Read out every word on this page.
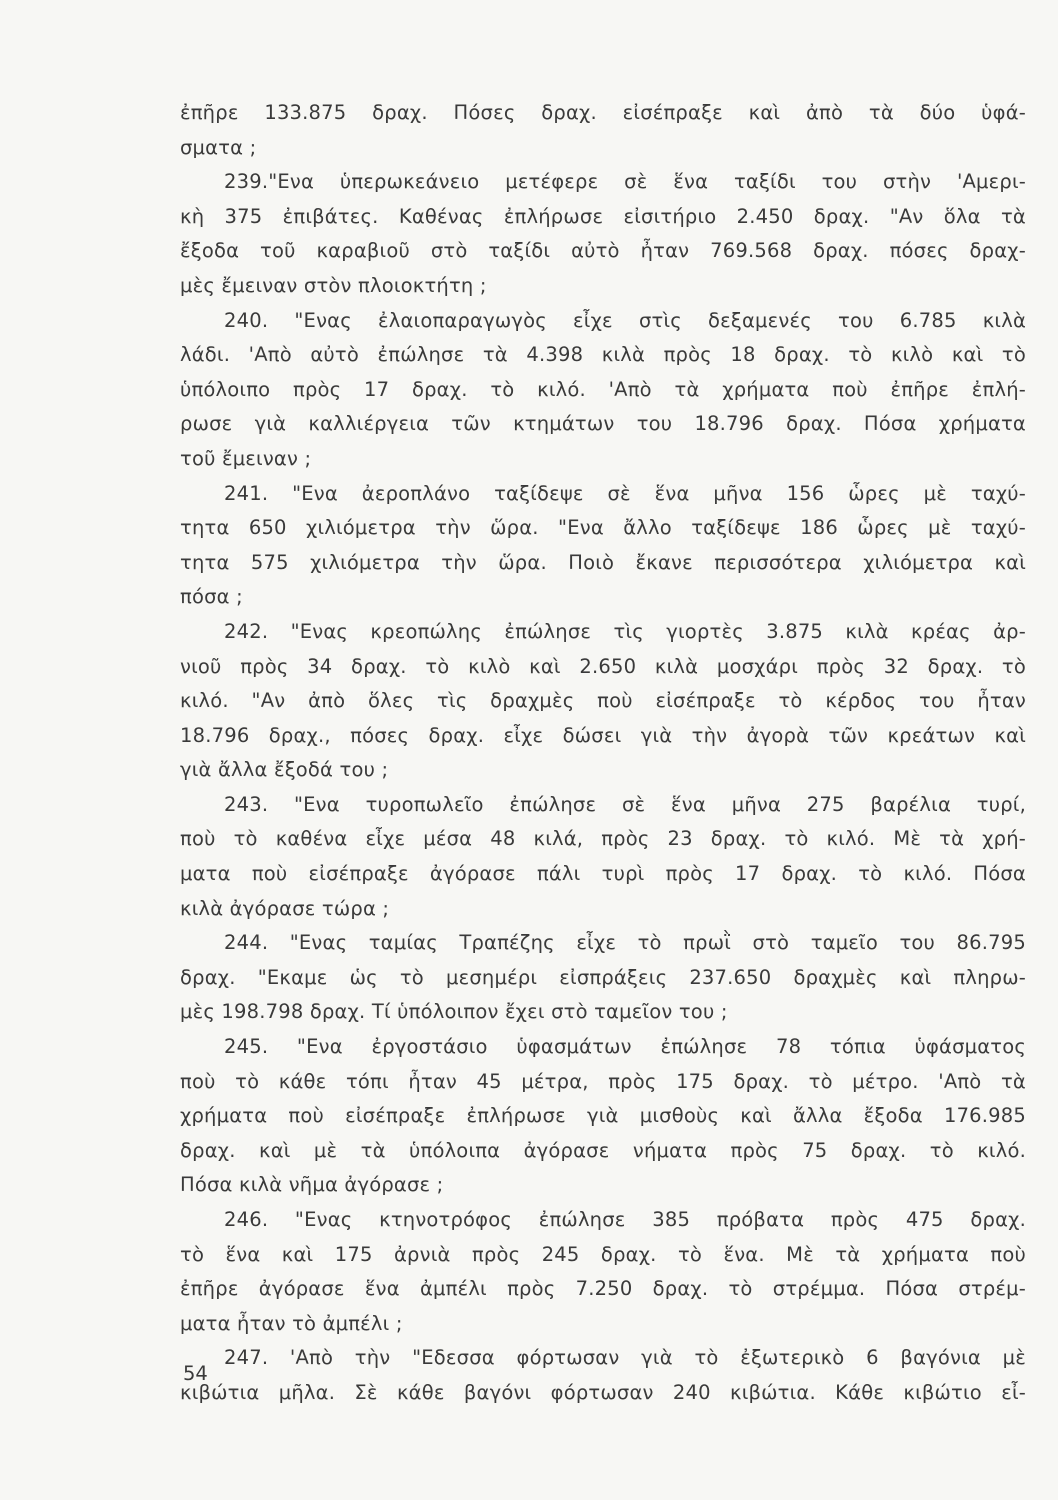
ἐπῆρε 133.875 δραχ. Πόσες δραχ. εἰσέπραξε καὶ ἀπὸ τὰ δύο ὑφά-
σματα ;
239."Ενα ὑπερωκεάνειο μετέφερε σὲ ἕνα ταξίδι του στὴν 'Αμερι-
κὴ 375 ἐπιβάτες. Καθένας ἐπλήρωσε εἰσιτήριο 2.450 δραχ. "Αν ὅλα τὰ
ἔξοδα τοῦ καραβιοῦ στὸ ταξίδι αὐτὸ ἦταν 769.568 δραχ. πόσες δραχ-
μὲς ἔμειναν στὸν πλοιοκτήτη ;
240. "Ενας ἐλαιοπαραγωγὸς εἶχε στὶς δεξαμενές του 6.785 κιλὰ
λάδι. 'Απὸ αὐτὸ ἐπώλησε τὰ 4.398 κιλὰ πρὸς 18 δραχ. τὸ κιλὸ καὶ τὸ
ὑπόλοιπο πρὸς 17 δραχ. τὸ κιλό. 'Απὸ τὰ χρήματα ποὺ ἐπῆρε ἐπλή-
ρωσε γιὰ καλλιέργεια τῶν κτημάτων του 18.796 δραχ. Πόσα χρήματα
τοῦ ἔμειναν ;
241. "Ενα ἀεροπλάνο ταξίδεψε σὲ ἕνα μῆνα 156 ὧρες μὲ ταχύ-
τητα 650 χιλιόμετρα τὴν ὥρα. "Ενα ἄλλο ταξίδεψε 186 ὧρες μὲ ταχύ-
τητα 575 χιλιόμετρα τὴν ὥρα. Ποιὸ ἔκανε περισσότερα χιλιόμετρα καὶ
πόσα ;
242. "Ενας κρεοπώλης ἐπώλησε τὶς γιορτὲς 3.875 κιλὰ κρέας ἀρ-
νιοῦ πρὸς 34 δραχ. τὸ κιλὸ καὶ 2.650 κιλὰ μοσχάρι πρὸς 32 δραχ. τὸ
κιλό. "Αν ἀπὸ ὅλες τὶς δραχμὲς ποὺ εἰσέπραξε τὸ κέρδος του ἦταν
18.796 δραχ., πόσες δραχ. εἶχε δώσει γιὰ τὴν ἀγορὰ τῶν κρεάτων καὶ
γιὰ ἄλλα ἔξοδά του ;
243. "Ενα τυροπωλεῖο ἐπώλησε σὲ ἕνα μῆνα 275 βαρέλια τυρί,
ποὺ τὸ καθένα εἶχε μέσα 48 κιλά, πρὸς 23 δραχ. τὸ κιλό. Μὲ τὰ χρή-
ματα ποὺ εἰσέπραξε ἀγόρασε πάλι τυρὶ πρὸς 17 δραχ. τὸ κιλό. Πόσα
κιλὰ ἀγόρασε τώρα ;
244. "Ενας ταμίας Τραπέζης εἶχε τὸ πρωῒ στὸ ταμεῖο του 86.795
δραχ. "Εκαμε ὡς τὸ μεσημέρι εἰσπράξεις 237.650 δραχμὲς καὶ πληρω-
μὲς 198.798 δραχ. Τί ὑπόλοιπον ἔχει στὸ ταμεῖον του ;
245. "Ενα ἐργοστάσιο ὑφασμάτων ἐπώλησε 78 τόπια ὑφάσματος
ποὺ τὸ κάθε τόπι ἦταν 45 μέτρα, πρὸς 175 δραχ. τὸ μέτρο. 'Απὸ τὰ
χρήματα ποὺ εἰσέπραξε ἐπλήρωσε γιὰ μισθοὺς καὶ ἄλλα ἔξοδα 176.985
δραχ. καὶ μὲ τὰ ὑπόλοιπα ἀγόρασε νήματα πρὸς 75 δραχ. τὸ κιλό.
Πόσα κιλὰ νῆμα ἀγόρασε ;
246. "Ενας κτηνοτρόφος ἐπώλησε 385 πρόβατα πρὸς 475 δραχ.
τὸ ἕνα καὶ 175 ἀρνιὰ πρὸς 245 δραχ. τὸ ἕνα. Μὲ τὰ χρήματα ποὺ
ἐπῆρε ἀγόρασε ἕνα ἀμπέλι πρὸς 7.250 δραχ. τὸ στρέμμα. Πόσα στρέμ-
ματα ἦταν τὸ ἀμπέλι ;
247. 'Απὸ τὴν "Εδεσσα φόρτωσαν γιὰ τὸ ἐξωτερικὸ 6 βαγόνια μὲ
κιβώτια μῆλα. Σὲ κάθε βαγόνι φόρτωσαν 240 κιβώτια. Κάθε κιβώτιο εἶ-
54
